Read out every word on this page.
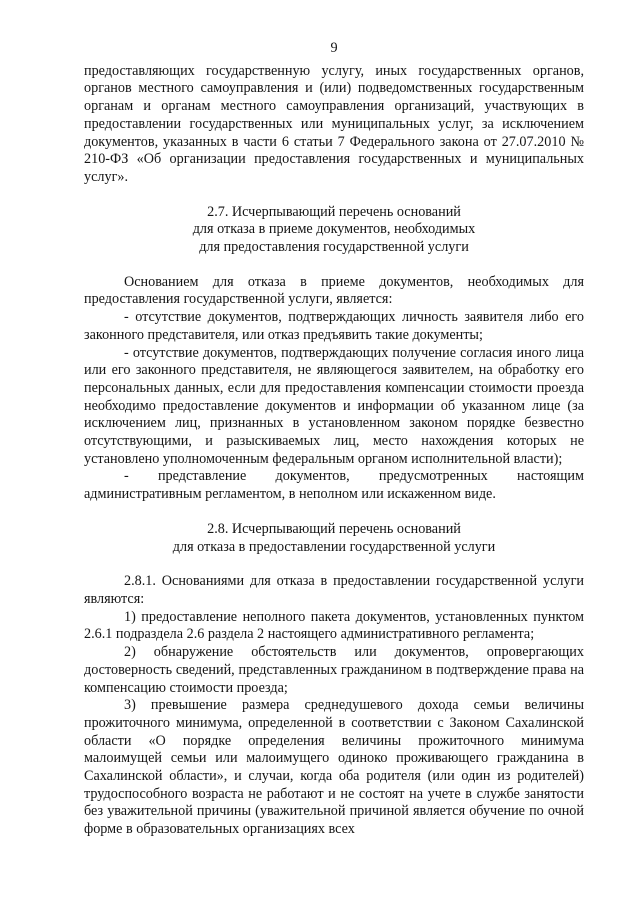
9

предоставляющих государственную услугу, иных государственных органов, органов местного самоуправления и (или) подведомственных государственным органам и органам местного самоуправления организаций, участвующих в предоставлении государственных или муниципальных услуг, за исключением документов, указанных в части 6 статьи 7 Федерального закона от 27.07.2010 № 210-ФЗ «Об организации предоставления государственных и муниципальных услуг».

2.7. Исчерпывающий перечень оснований

для отказа в приеме документов, необходимых

для предоставления государственной услуги

Основанием для отказа в приеме документов, необходимых для предоставления государственной услуги, является:

- отсутствие документов, подтверждающих личность заявителя либо его законного представителя, или отказ предъявить такие документы;

- отсутствие документов, подтверждающих получение согласия иного лица или его законного представителя, не являющегося заявителем, на обработку его персональных данных, если для предоставления компенсации стоимости проезда необходимо предоставление документов и информации об указанном лице (за исключением лиц, признанных в установленном законом порядке безвестно отсутствующими, и разыскиваемых лиц, место нахождения которых не установлено уполномоченным федеральным органом исполнительной власти);

- представление документов, предусмотренных настоящим административным регламентом, в неполном или искаженном виде.

2.8. Исчерпывающий перечень оснований

для отказа в предоставлении государственной услуги

2.8.1. Основаниями для отказа в предоставлении государственной услуги являются:

1) предоставление неполного пакета документов, установленных пунктом 2.6.1 подраздела 2.6 раздела 2 настоящего административного регламента;

2) обнаружение обстоятельств или документов, опровергающих достоверность сведений, представленных гражданином в подтверждение права на компенсацию стоимости проезда;

3) превышение размера среднедушевого дохода семьи величины прожиточного минимума, определенной в соответствии с Законом Сахалинской области «О порядке определения величины прожиточного минимума малоимущей семьи или малоимущего одиноко проживающего гражданина в Сахалинской области», и случаи, когда оба родителя (или один из родителей) трудоспособного возраста не работают и не состоят на учете в службе занятости без уважительной причины (уважительной причиной является обучение по очной форме в образовательных организациях всех
